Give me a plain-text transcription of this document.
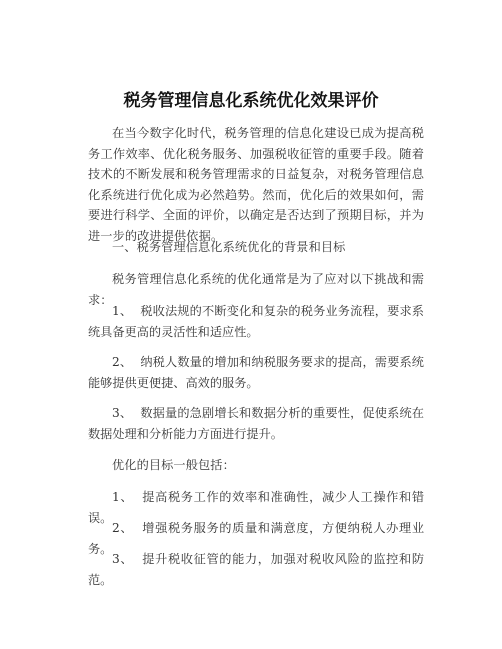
税务管理信息化系统优化效果评价

在当今数字化时代，税务管理的信息化建设已成为提高税务工作效率、优化税务服务、加强税收征管的重要手段。随着技术的不断发展和税务管理需求的日益复杂，对税务管理信息化系统进行优化成为必然趋势。然而，优化后的效果如何，需要进行科学、全面的评价，以确定是否达到了预期目标，并为进一步的改进提供依据。

一、税务管理信息化系统优化的背景和目标

税务管理信息化系统的优化通常是为了应对以下挑战和需求：

1、 税收法规的不断变化和复杂的税务业务流程，要求系统具备更高的灵活性和适应性。
2、 纳税人数量的增加和纳税服务要求的提高，需要系统能够提供更便捷、高效的服务。
3、 数据量的急剧增长和数据分析的重要性，促使系统在数据处理和分析能力方面进行提升。

优化的目标一般包括：

1、 提高税务工作的效率和准确性，减少人工操作和错误。
2、 增强税务服务的质量和满意度，方便纳税人办理业务。
3、 提升税收征管的能力，加强对税收风险的监控和防范。
